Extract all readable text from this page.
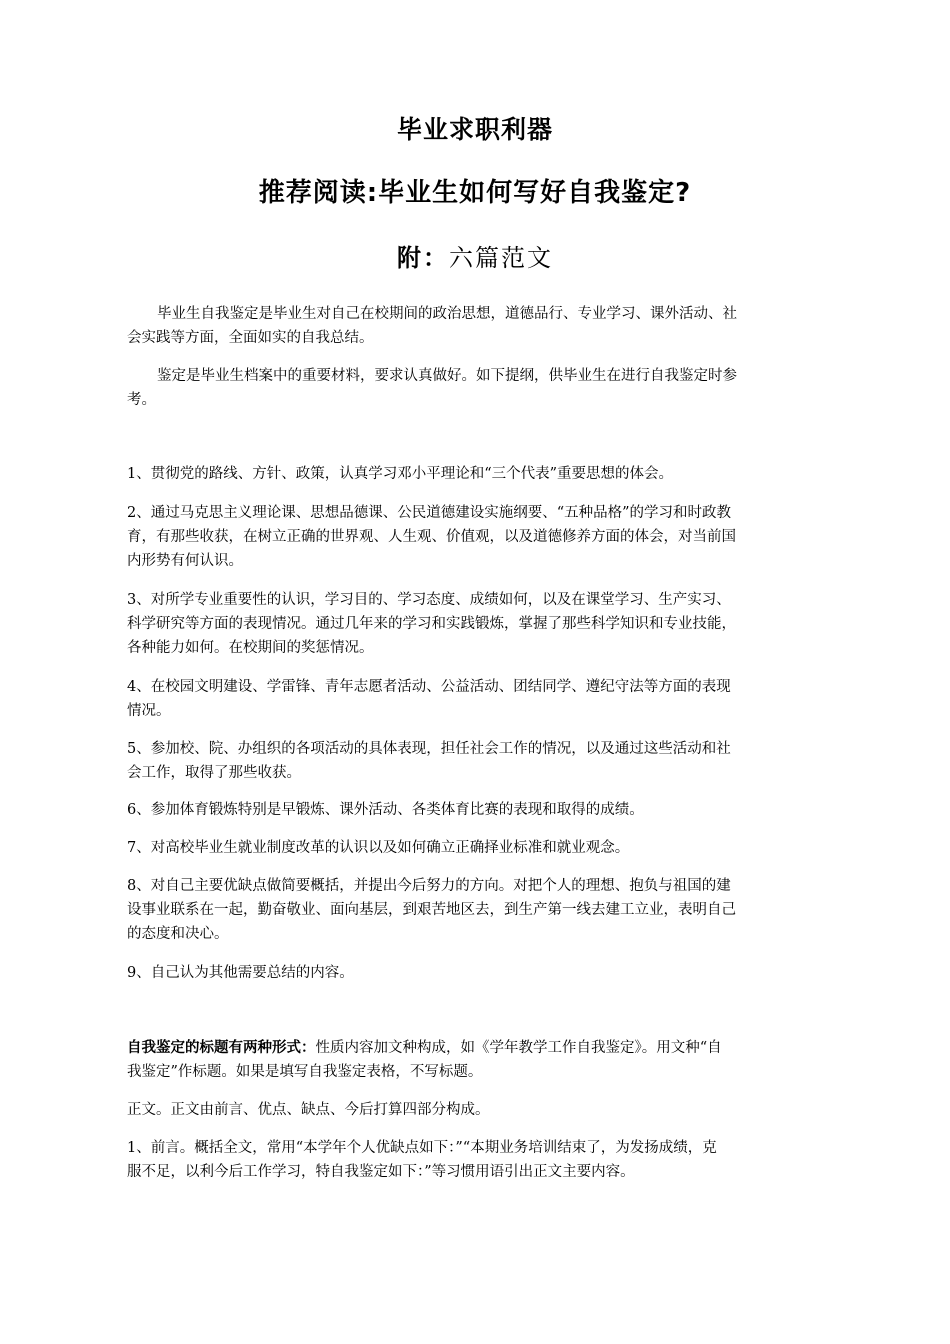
毕业求职利器
推荐阅读:毕业生如何写好自我鉴定?
附：六篇范文
毕业生自我鉴定是毕业生对自己在校期间的政治思想，道德品行、专业学习、课外活动、社
会实践等方面，全面如实的自我总结。
鉴定是毕业生档案中的重要材料，要求认真做好。如下提纲，供毕业生在进行自我鉴定时参
考。
1、贯彻党的路线、方针、政策，认真学习邓小平理论和“三个代表”重要思想的体会。
2、通过马克思主义理论课、思想品德课、公民道德建设实施纲要、“五种品格”的学习和时政教
育，有那些收获，在树立正确的世界观、人生观、价值观，以及道德修养方面的体会，对当前国
内形势有何认识。
3、对所学专业重要性的认识，学习目的、学习态度、成绩如何，以及在课堂学习、生产实习、
科学研究等方面的表现情况。通过几年来的学习和实践锻炼，掌握了那些科学知识和专业技能，
各种能力如何。在校期间的奖惩情况。
4、在校园文明建设、学雷锋、青年志愿者活动、公益活动、团结同学、遵纪守法等方面的表现
情况。
5、参加校、院、办组织的各项活动的具体表现，担任社会工作的情况，以及通过这些活动和社
会工作，取得了那些收获。
6、参加体育锻炼特别是早锻炼、课外活动、各类体育比赛的表现和取得的成绩。
7、对高校毕业生就业制度改革的认识以及如何确立正确择业标准和就业观念。
8、对自己主要优缺点做简要概括，并提出今后努力的方向。对把个人的理想、抱负与祖国的建
设事业联系在一起，勤奋敬业、面向基层，到艰苦地区去，到生产第一线去建工立业，表明自己
的态度和决心。
9、自己认为其他需要总结的内容。
自我鉴定的标题有两种形式：性质内容加文种构成，如《学年教学工作自我鉴定》。用文种“自
我鉴定”作标题。如果是填写自我鉴定表格，不写标题。
正文。正文由前言、优点、缺点、今后打算四部分构成。
1、前言。概括全文，常用“本学年个人优缺点如下：”“本期业务培训结束了，为发扬成绩，克
服不足，以利今后工作学习，特自我鉴定如下：”等习惯用语引出正文主要内容。
